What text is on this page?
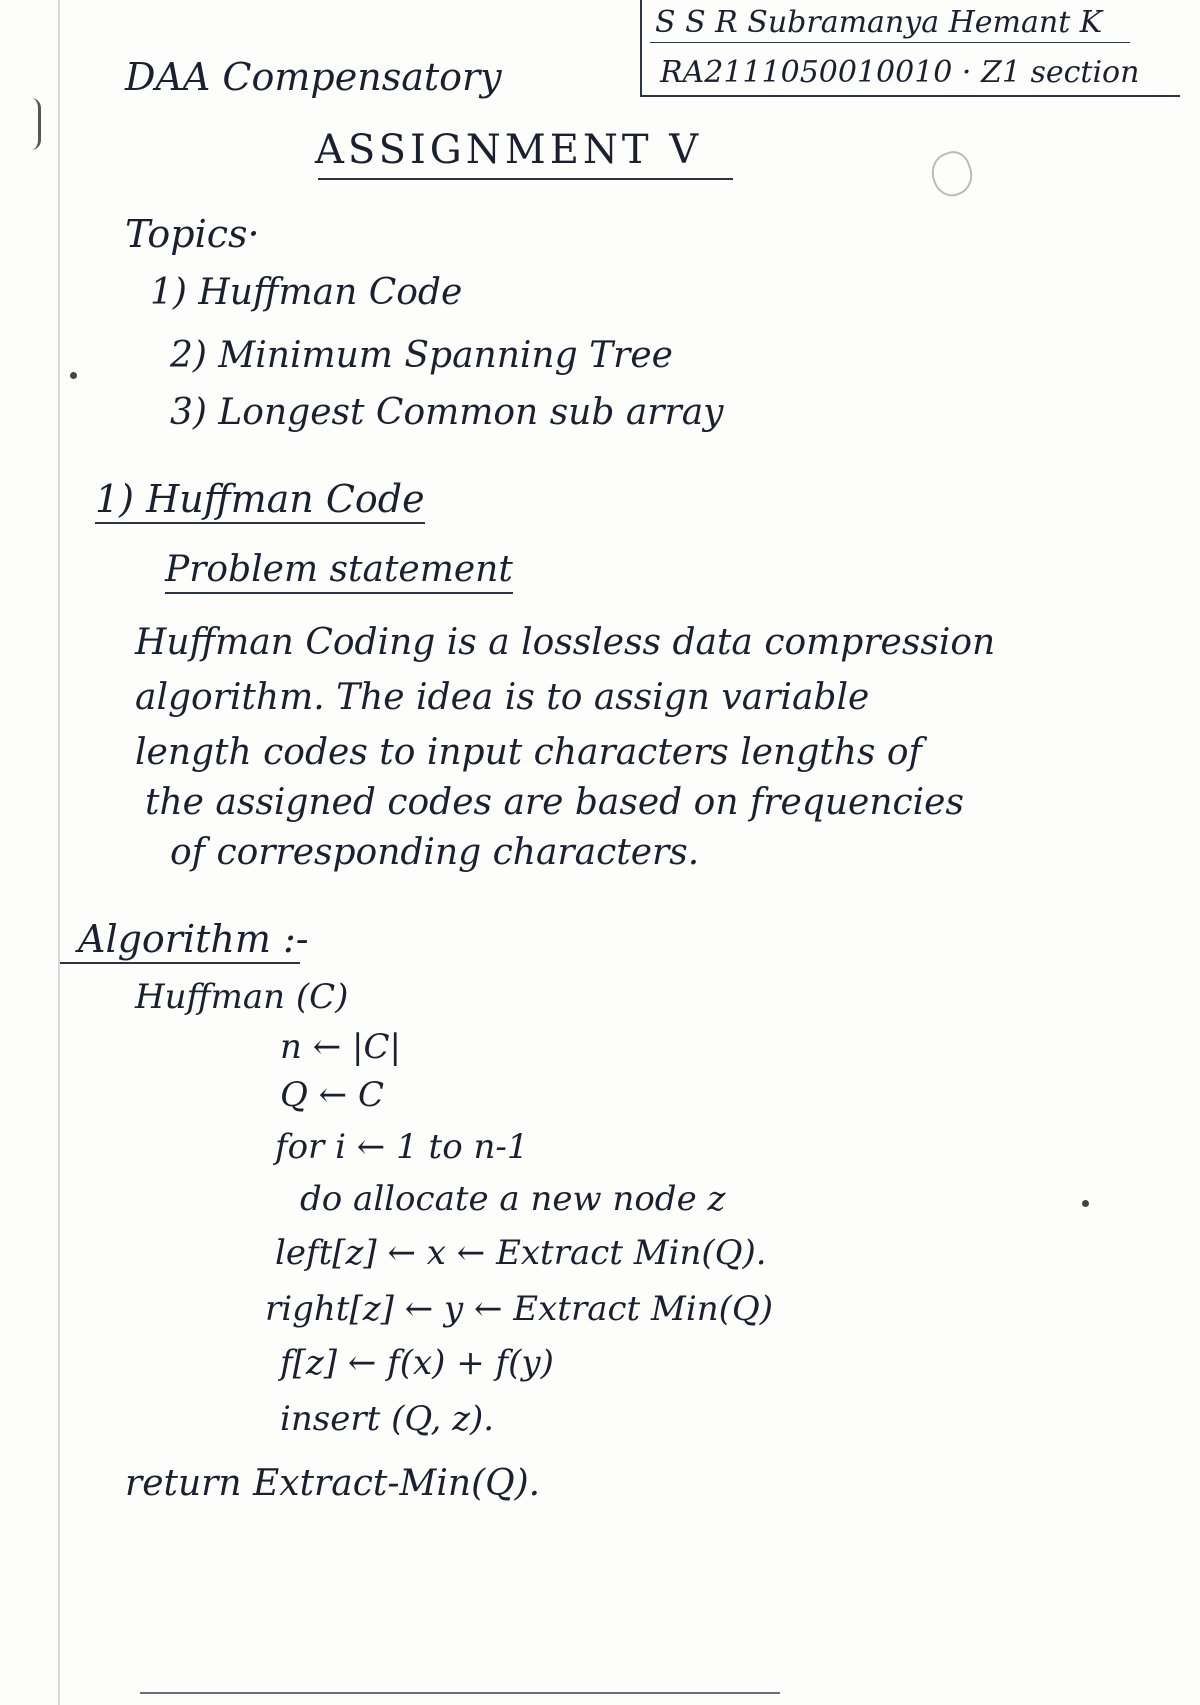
DAA Compensatory
S S R Subramanya Hemant K
RA2111050010010 · Z1 section
ASSIGNMENT V
Topics·
1) Huffman Code
2) Minimum Spanning Tree
3) Longest Common sub array
1) Huffman Code
Problem statement
Huffman Coding is a lossless data compression
algorithm. The idea is to assign variable
length codes to input characters lengths of
the assigned codes are based on frequencies
of corresponding characters.
Algorithm :-
Huffman (C)
n ← |C|
Q ← C
for i ← 1 to n-1
do allocate a new node z
left[z] ← x ← Extract Min(Q).
right[z] ← y ← Extract Min(Q)
f[z] ← f(x) + f(y)
insert (Q, z).
return Extract-Min(Q).
